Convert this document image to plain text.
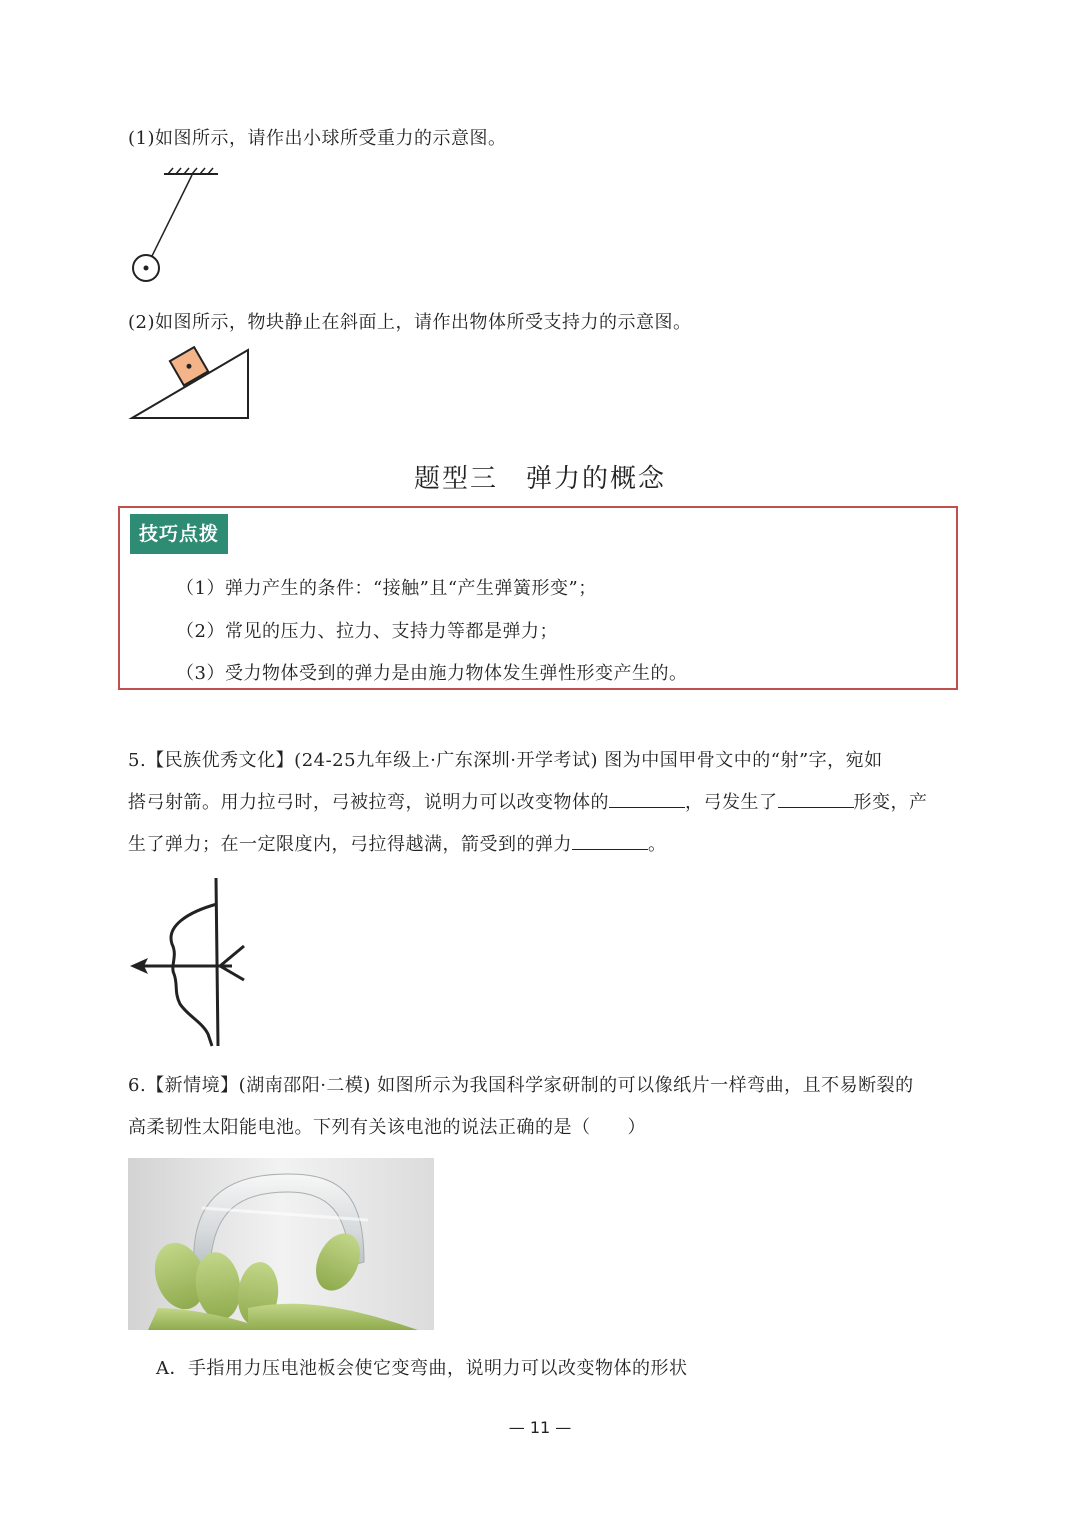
(1)如图所示，请作出小球所受重力的示意图。
(2)如图所示，物块静止在斜面上，请作出物体所受支持力的示意图。
题型三　弹力的概念
技巧点拨
（1）弹力产生的条件：“接触”且“产生弹簧形变”；
（2）常见的压力、拉力、支持力等都是弹力；
（3）受力物体受到的弹力是由施力物体发生弹性形变产生的。
5.【民族优秀文化】(24-25九年级上·广东深圳·开学考试) 图为中国甲骨文中的“射”字，宛如
搭弓射箭。用力拉弓时，弓被拉弯，说明力可以改变物体的	，弓发生了	形变，产
生了弹力；在一定限度内，弓拉得越满，箭受到的弹力	。
6.【新情境】(湖南邵阳·二模) 如图所示为我国科学家研制的可以像纸片一样弯曲，且不易断裂的
高柔韧性太阳能电池。下列有关该电池的说法正确的是（　　）
A．手指用力压电池板会使它变弯曲，说明力可以改变物体的形状
— 11 —
